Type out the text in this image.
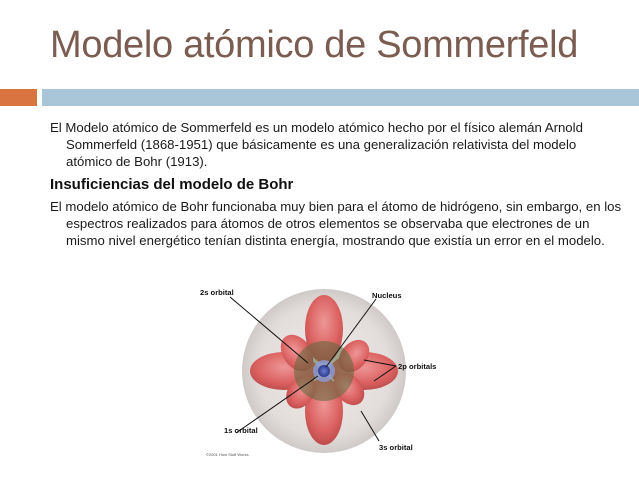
Modelo atómico de Sommerfeld
El Modelo atómico de Sommerfeld es un modelo atómico hecho por el físico alemán Arnold Sommerfeld (1868-1951) que básicamente es una generalización relativista del modelo atómico de Bohr (1913).
Insuficiencias del modelo de Bohr
El modelo atómico de Bohr funcionaba muy bien para el átomo de hidrógeno, sin embargo, en los espectros realizados para átomos de otros elementos se observaba que electrones de un mismo nivel energético tenían distinta energía, mostrando que existía un error en el modelo.
2s orbital	Nucleus
2p orbitals
1s orbital
3s orbital
©2001 How Stuff Works
